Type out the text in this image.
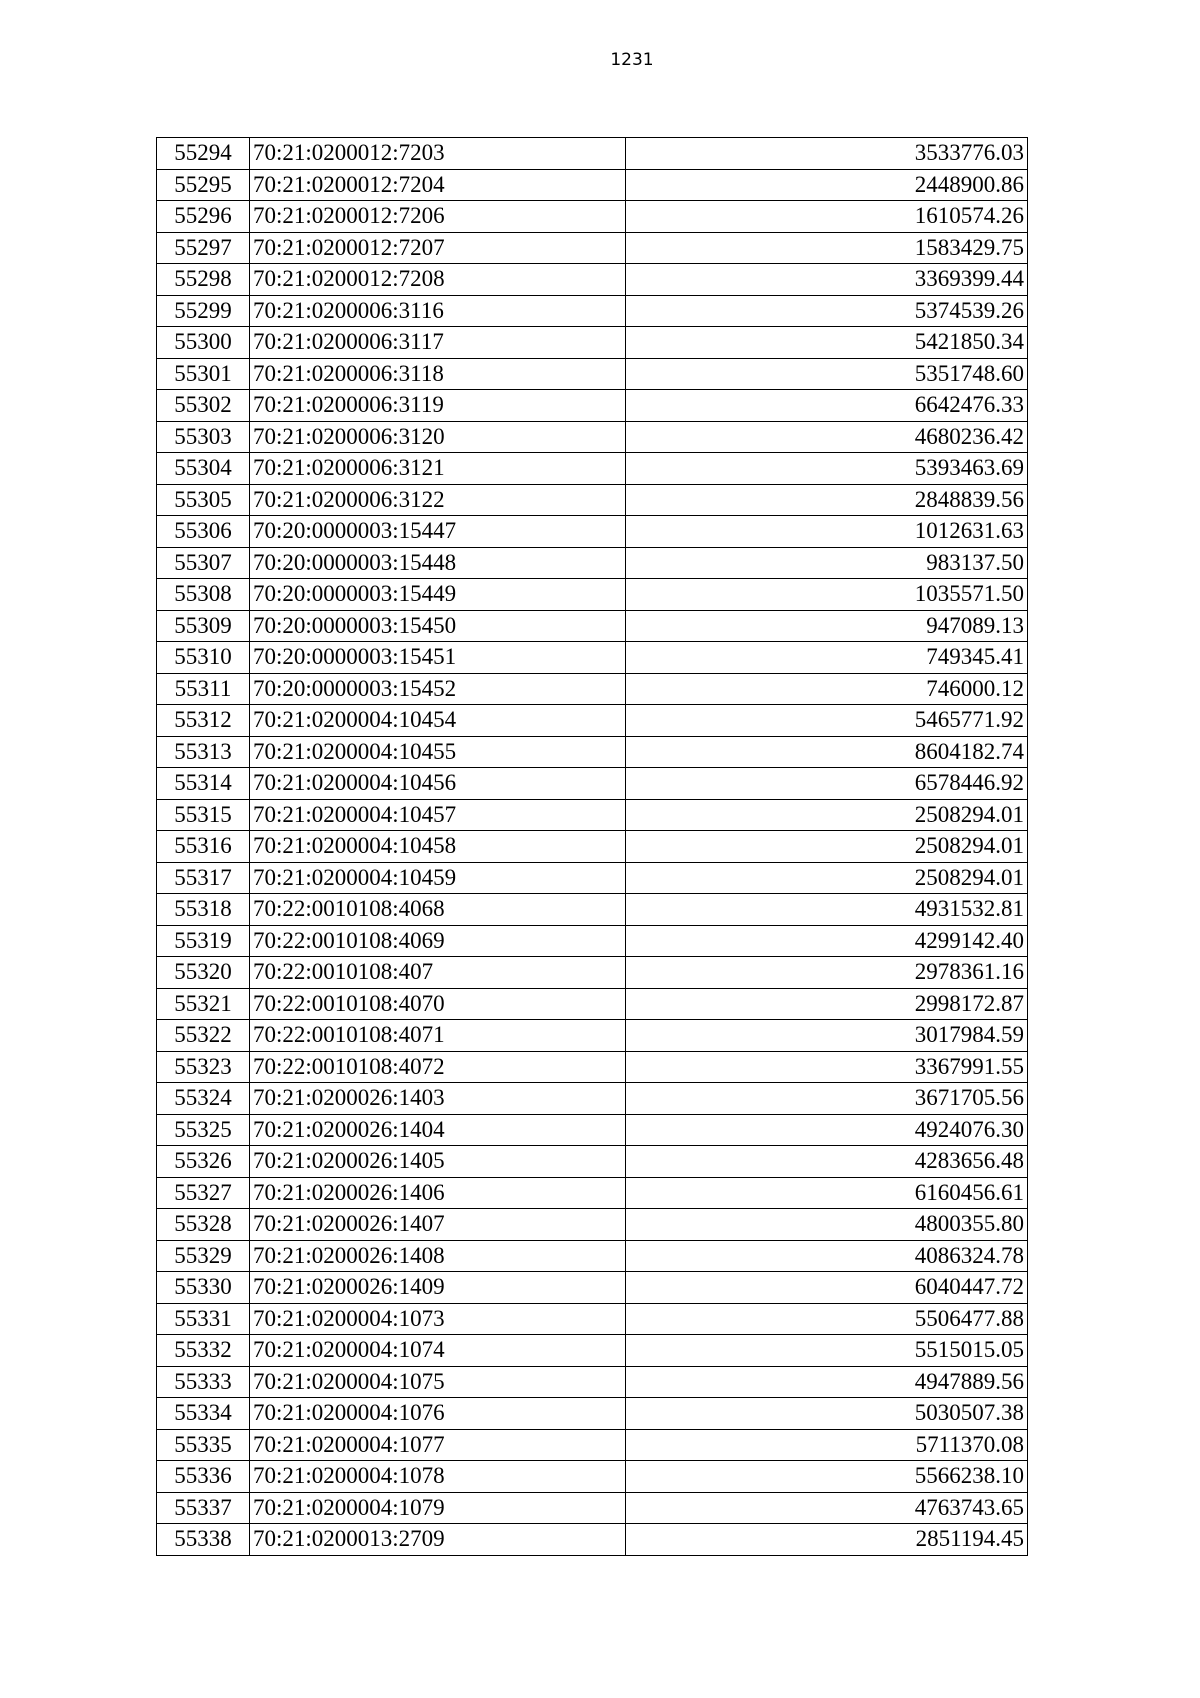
1231
55294	70:21:0200012:7203	3533776.03
55295	70:21:0200012:7204	2448900.86
55296	70:21:0200012:7206	1610574.26
55297	70:21:0200012:7207	1583429.75
55298	70:21:0200012:7208	3369399.44
55299	70:21:0200006:3116	5374539.26
55300	70:21:0200006:3117	5421850.34
55301	70:21:0200006:3118	5351748.60
55302	70:21:0200006:3119	6642476.33
55303	70:21:0200006:3120	4680236.42
55304	70:21:0200006:3121	5393463.69
55305	70:21:0200006:3122	2848839.56
55306	70:20:0000003:15447	1012631.63
55307	70:20:0000003:15448	983137.50
55308	70:20:0000003:15449	1035571.50
55309	70:20:0000003:15450	947089.13
55310	70:20:0000003:15451	749345.41
55311	70:20:0000003:15452	746000.12
55312	70:21:0200004:10454	5465771.92
55313	70:21:0200004:10455	8604182.74
55314	70:21:0200004:10456	6578446.92
55315	70:21:0200004:10457	2508294.01
55316	70:21:0200004:10458	2508294.01
55317	70:21:0200004:10459	2508294.01
55318	70:22:0010108:4068	4931532.81
55319	70:22:0010108:4069	4299142.40
55320	70:22:0010108:407	2978361.16
55321	70:22:0010108:4070	2998172.87
55322	70:22:0010108:4071	3017984.59
55323	70:22:0010108:4072	3367991.55
55324	70:21:0200026:1403	3671705.56
55325	70:21:0200026:1404	4924076.30
55326	70:21:0200026:1405	4283656.48
55327	70:21:0200026:1406	6160456.61
55328	70:21:0200026:1407	4800355.80
55329	70:21:0200026:1408	4086324.78
55330	70:21:0200026:1409	6040447.72
55331	70:21:0200004:1073	5506477.88
55332	70:21:0200004:1074	5515015.05
55333	70:21:0200004:1075	4947889.56
55334	70:21:0200004:1076	5030507.38
55335	70:21:0200004:1077	5711370.08
55336	70:21:0200004:1078	5566238.10
55337	70:21:0200004:1079	4763743.65
55338	70:21:0200013:2709	2851194.45
